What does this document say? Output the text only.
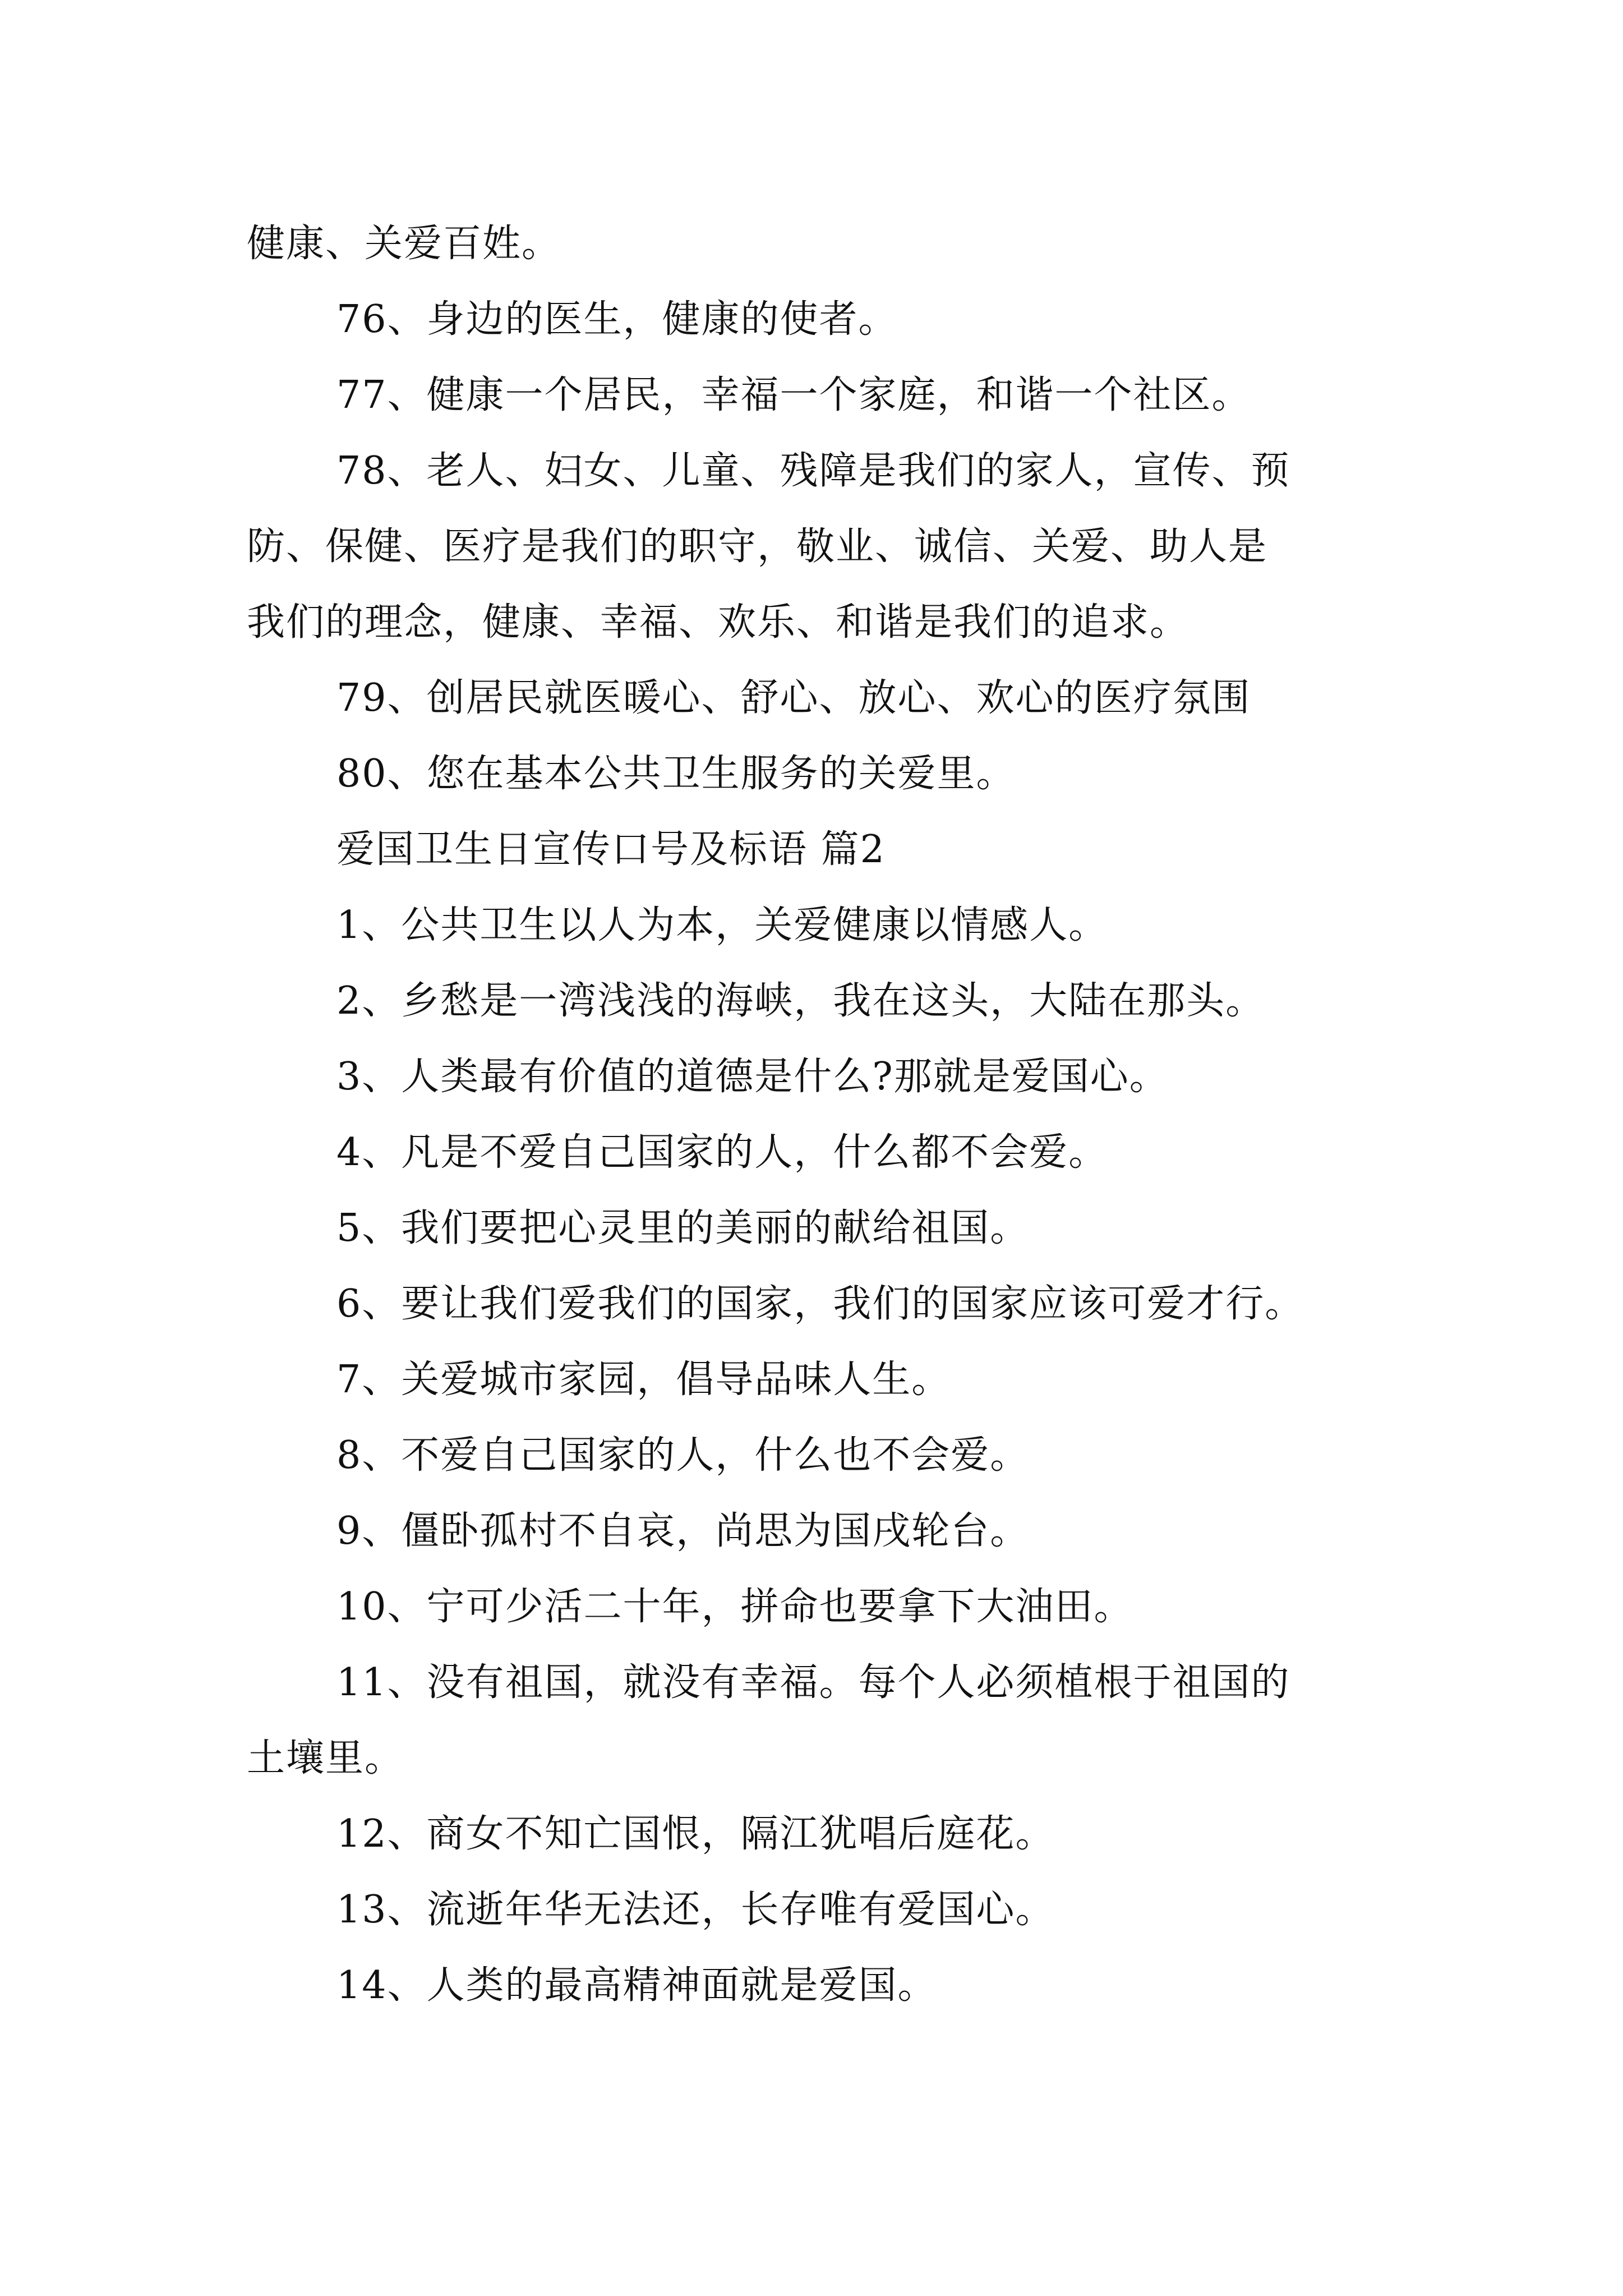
健康、关爱百姓。
76、身边的医生，健康的使者。
77、健康一个居民，幸福一个家庭，和谐一个社区。
78、老人、妇女、儿童、残障是我们的家人，宣传、预
防、保健、医疗是我们的职守，敬业、诚信、关爱、助人是
我们的理念，健康、幸福、欢乐、和谐是我们的追求。
79、创居民就医暖心、舒心、放心、欢心的医疗氛围
80、您在基本公共卫生服务的关爱里。
爱国卫生日宣传口号及标语 篇2
1、公共卫生以人为本，关爱健康以情感人。
2、乡愁是一湾浅浅的海峡，我在这头，大陆在那头。
3、人类最有价值的道德是什么?那就是爱国心。
4、凡是不爱自己国家的人，什么都不会爱。
5、我们要把心灵里的美丽的献给祖国。
6、要让我们爱我们的国家，我们的国家应该可爱才行。
7、关爱城市家园，倡导品味人生。
8、不爱自己国家的人，什么也不会爱。
9、僵卧孤村不自哀，尚思为国戌轮台。
10、宁可少活二十年，拼命也要拿下大油田。
11、没有祖国，就没有幸福。每个人必须植根于祖国的
土壤里。
12、商女不知亡国恨，隔江犹唱后庭花。
13、流逝年华无法还，长存唯有爱国心。
14、人类的最高精神面就是爱国。
